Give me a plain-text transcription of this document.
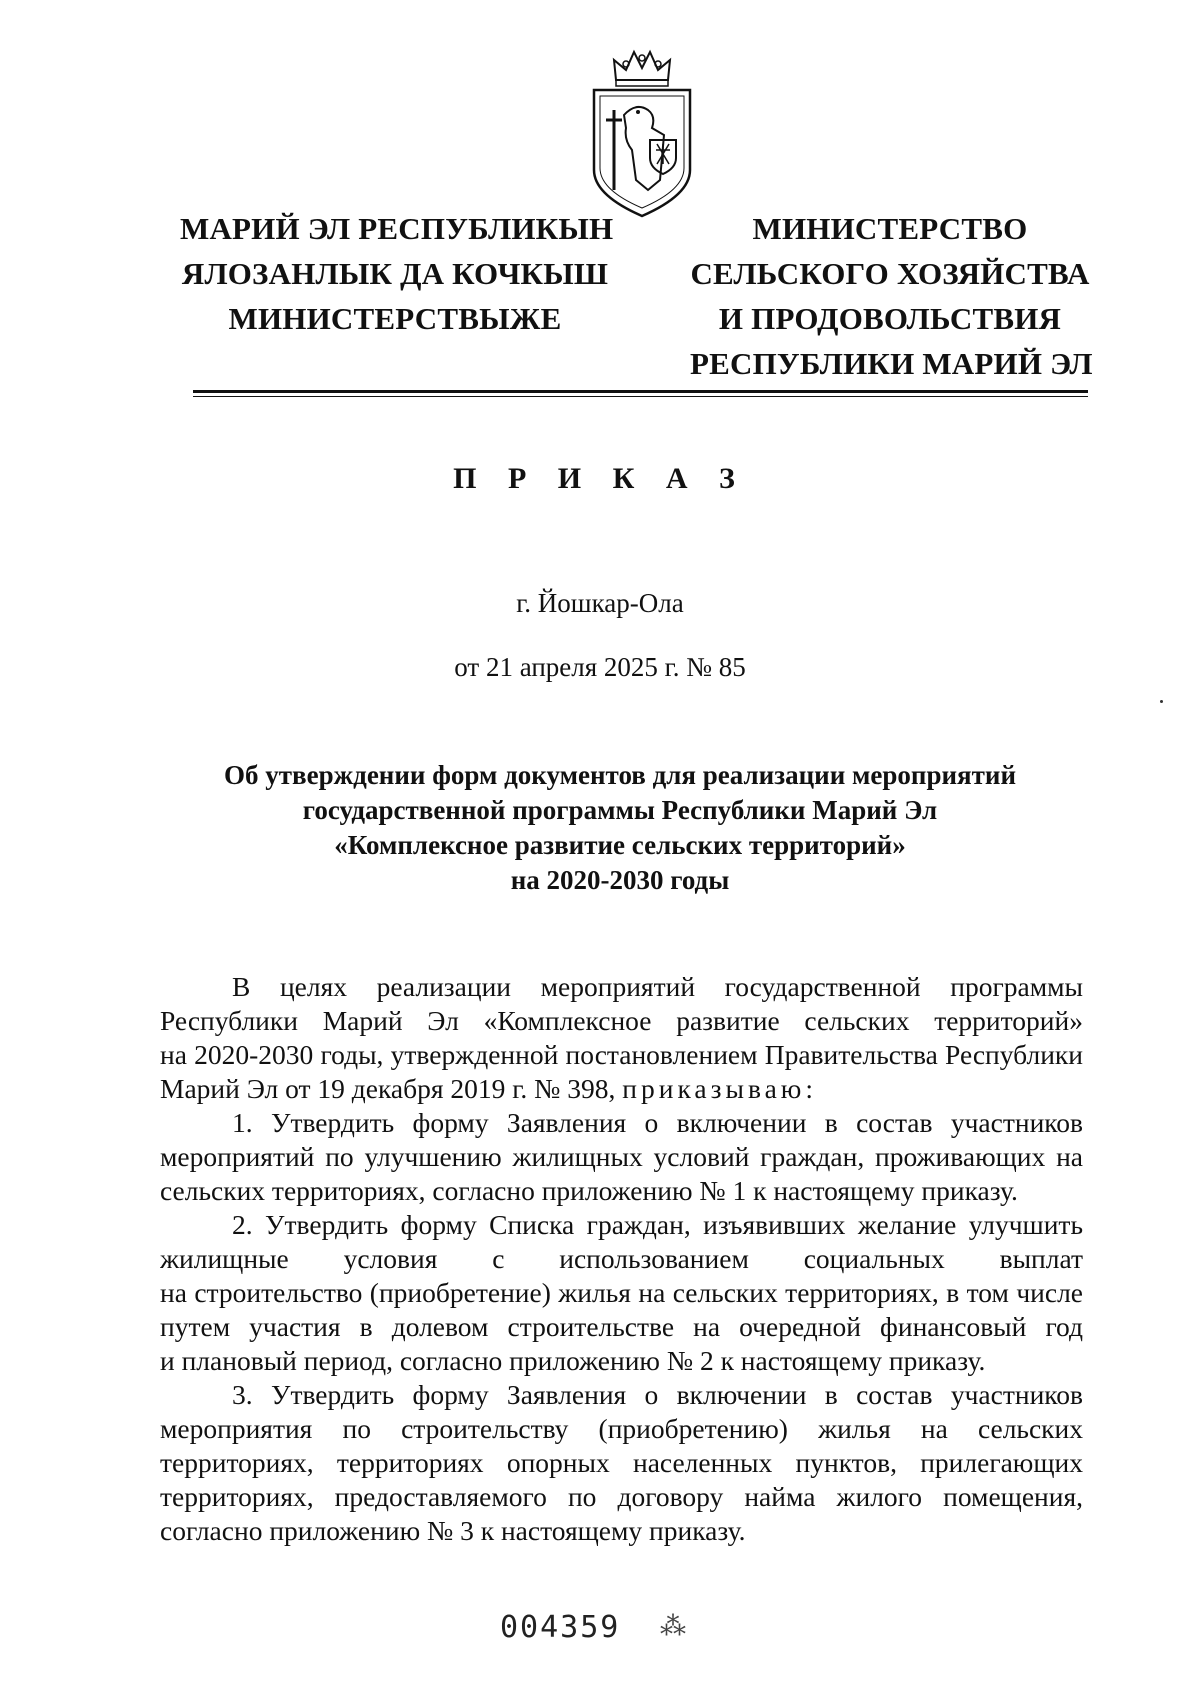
МАРИЙ ЭЛ РЕСПУБЛИКЫН
ЯЛОЗАНЛЫК ДА КОЧКЫШ
МИНИСТЕРСТВЫЖЕ
МИНИСТЕРСТВО
СЕЛЬСКОГО ХОЗЯЙСТВА
И ПРОДОВОЛЬСТВИЯ
РЕСПУБЛИКИ МАРИЙ ЭЛ
П Р И К А З
г. Йошкар-Ола
от 21 апреля 2025 г. № 85
Об утверждении форм документов для реализации мероприятий
государственной программы Республики Марий Эл
«Комплексное развитие сельских территорий»
на 2020-2030 годы
В целях реализации мероприятий государственной программы
Республики Марий Эл «Комплексное развитие сельских территорий»
на 2020-2030 годы, утвержденной постановлением Правительства Республики
Марий Эл от 19 декабря 2019 г. № 398, приказываю:
1. Утвердить форму Заявления о включении в состав участников
мероприятий по улучшению жилищных условий граждан, проживающих на
сельских территориях, согласно приложению № 1 к настоящему приказу.
2. Утвердить форму Списка граждан, изъявивших желание улучшить
жилищные условия с использованием социальных выплат
на строительство (приобретение) жилья на сельских территориях, в том числе
путем участия в долевом строительстве на очередной финансовый год
и плановый период, согласно приложению № 2 к настоящему приказу.
3. Утвердить форму Заявления о включении в состав участников
мероприятия по строительству (приобретению) жилья на сельских
территориях, территориях опорных населенных пунктов, прилегающих
территориях, предоставляемого по договору найма жилого помещения,
согласно приложению № 3 к настоящему приказу.
004359 ⁂
